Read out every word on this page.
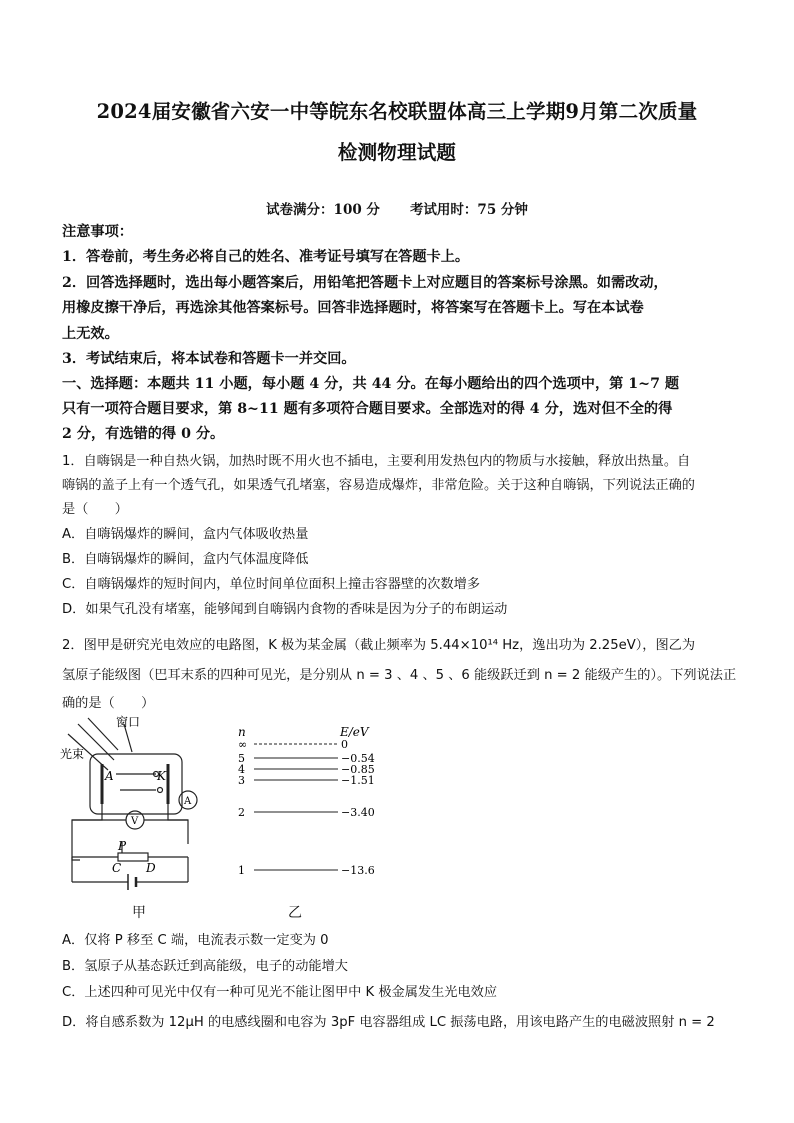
2024届安徽省六安一中等皖东名校联盟体高三上学期9月第二次质量
检测物理试题
试卷满分：100 分 考试用时：75 分钟
注意事项：
1．答卷前，考生务必将自己的姓名、准考证号填写在答题卡上。
2．回答选择题时，选出每小题答案后，用铅笔把答题卡上对应题目的答案标号涂黑。如需改动，
用橡皮擦干净后，再选涂其他答案标号。回答非选择题时，将答案写在答题卡上。写在本试卷
上无效。
3．考试结束后，将本试卷和答题卡一并交回。
一、选择题：本题共 11 小题，每小题 4 分，共 44 分。在每小题给出的四个选项中，第 1~7 题
只有一项符合题目要求，第 8~11 题有多项符合题目要求。全部选对的得 4 分，选对但不全的得
2 分，有选错的得 0 分。
1．自嗨锅是一种自热火锅，加热时既不用火也不插电，主要利用发热包内的物质与水接触，释放出热量。自
嗨锅的盖子上有一个透气孔，如果透气孔堵塞，容易造成爆炸，非常危险。关于这种自嗨锅，下列说法正确的
是（　　）
A．自嗨锅爆炸的瞬间，盒内气体吸收热量
B．自嗨锅爆炸的瞬间，盒内气体温度降低
C．自嗨锅爆炸的短时间内，单位时间单位面积上撞击容器壁的次数增多
D．如果气孔没有堵塞，能够闻到自嗨锅内食物的香味是因为分子的布朗运动
2．图甲是研究光电效应的电路图，K 极为某金属（截止频率为 5.44×10¹⁴ Hz，逸出功为 2.25eV），图乙为
氢原子能级图（巴耳末系的四种可见光，是分别从 n = 3 、4 、5 、6 能级跃迁到 n = 2 能级产生的）。下列说法正
确的是（　　）
窗口
光束
A	K
A
V
P
C D
甲
n	E/eV
∞	0
5	−0.54
4	−0.85
3	−1.51
2	−3.40
1	−13.6
乙
A．仅将 P 移至 C 端，电流表示数一定变为 0
B．氢原子从基态跃迁到高能级，电子的动能增大
C．上述四种可见光中仅有一种可见光不能让图甲中 K 极金属发生光电效应
D．将自感系数为 12μH 的电感线圈和电容为 3pF 电容器组成 LC 振荡电路，用该电路产生的电磁波照射 n = 2
